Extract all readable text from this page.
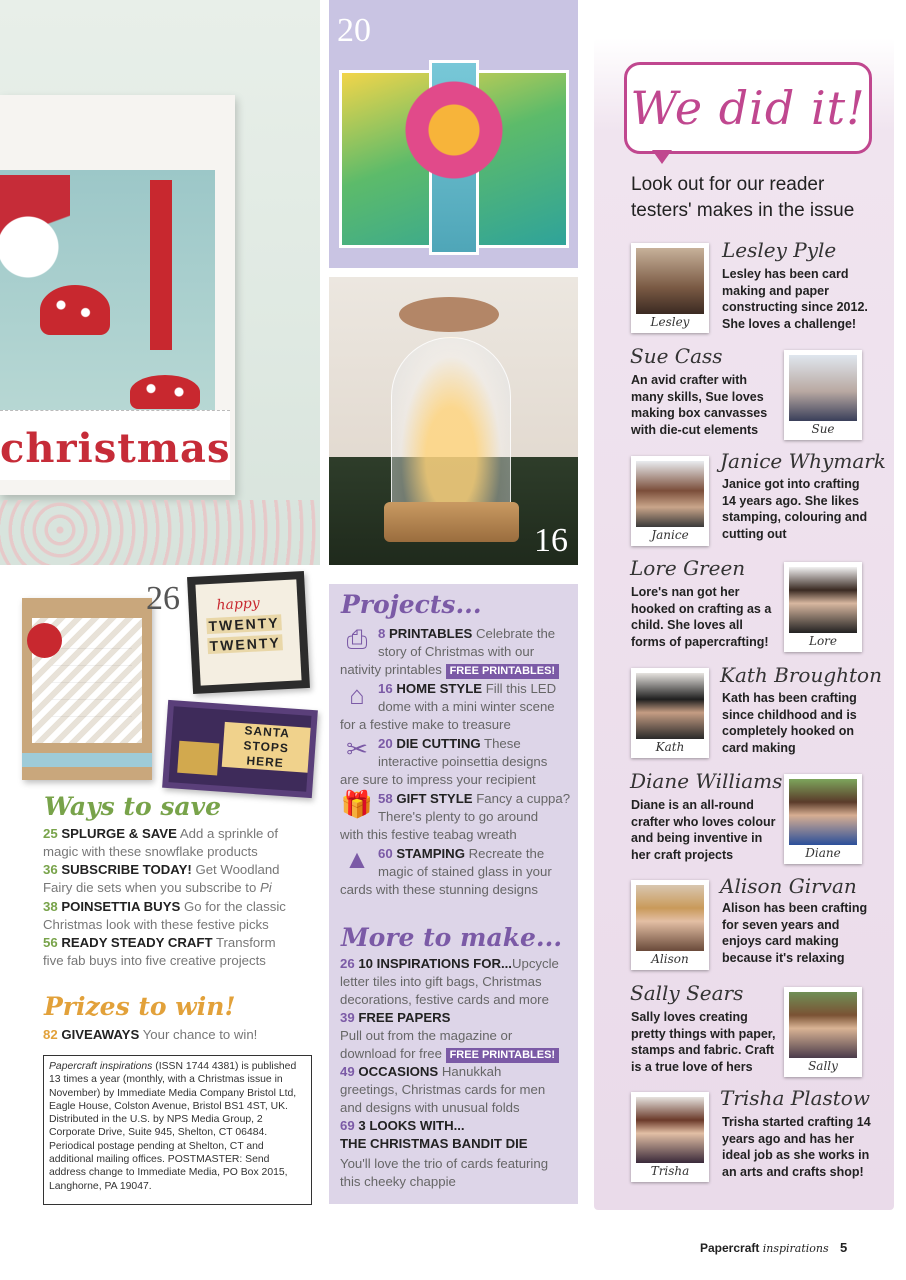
christmas
20
16
26	happy
TWENTY
TWENTY
SANTA STOPS HERE
Ways to save
25 SPLURGE & SAVE Add a sprinkle of
magic with these snowflake products
36 SUBSCRIBE TODAY! Get Woodland
Fairy die sets when you subscribe to Pi
38 POINSETTIA BUYS Go for the classic
Christmas look with these festive picks
56 READY STEADY CRAFT Transform
five fab buys into five creative projects
Prizes to win!
82 GIVEAWAYS Your chance to win!
Papercraft inspirations (ISSN 1744 4381) is published 13 times a year (monthly, with a Christmas issue in November) by Immediate Media Company Bristol Ltd, Eagle House, Colston Avenue, Bristol BS1 4ST, UK. Distributed in the U.S. by NPS Media Group, 2 Corporate Drive, Suite 945, Shelton, CT 06484. Periodical postage pending at Shelton, CT and additional mailing offices. POSTMASTER: Send address change to Immediate Media, PO Box 2015, Langhorne, PA 19047.
Projects...
⎙ 8 PRINTABLES Celebrate the
story of Christmas with our
nativity printables FREE PRINTABLES!
⌂ 16 HOME STYLE Fill this LED
dome with a mini winter scene
for a festive make to treasure
✂ 20 DIE CUTTING These
interactive poinsettia designs
are sure to impress your recipient
🎁 58 GIFT STYLE Fancy a cuppa?
There's plenty to go around
with this festive teabag wreath
▲ 60 STAMPING Recreate the
magic of stained glass in your
cards with these stunning designs
More to make...
26 10 INSPIRATIONS FOR...Upcycle
letter tiles into gift bags, Christmas
decorations, festive cards and more
39 FREE PAPERS
Pull out from the magazine or
download for free FREE PRINTABLES!
49 OCCASIONS Hanukkah
greetings, Christmas cards for men
and designs with unusual folds
69 3 LOOKS WITH...
THE CHRISTMAS BANDIT DIE
You'll love the trio of cards featuring
this cheeky chappie
We did it!
Look out for our reader testers' makes in the issue
Lesley
Lesley Pyle
Lesley has been card making and paper constructing since 2012. She loves a challenge!
Sue Cass
An avid crafter with many skills, Sue loves making box canvasses with die-cut elements	Sue
Janice
Janice Whymark
Janice got into crafting 14 years ago. She likes stamping, colouring and cutting out
Lore Green
Lore's nan got her hooked on crafting as a child. She loves all forms of papercrafting!	Lore
Kath
Kath Broughton
Kath has been crafting since childhood and is completely hooked on card making
Diane Williams
Diane is an all-round crafter who loves colour and being inventive in her craft projects	Diane
Alison
Alison Girvan
Alison has been crafting for seven years and enjoys card making because it's relaxing
Sally Sears
Sally loves creating pretty things with paper, stamps and fabric. Craft is a true love of hers	Sally
Trisha
Trisha Plastow
Trisha started crafting 14 years ago and has her ideal job as she works in an arts and crafts shop!
Papercraft inspirations 5
